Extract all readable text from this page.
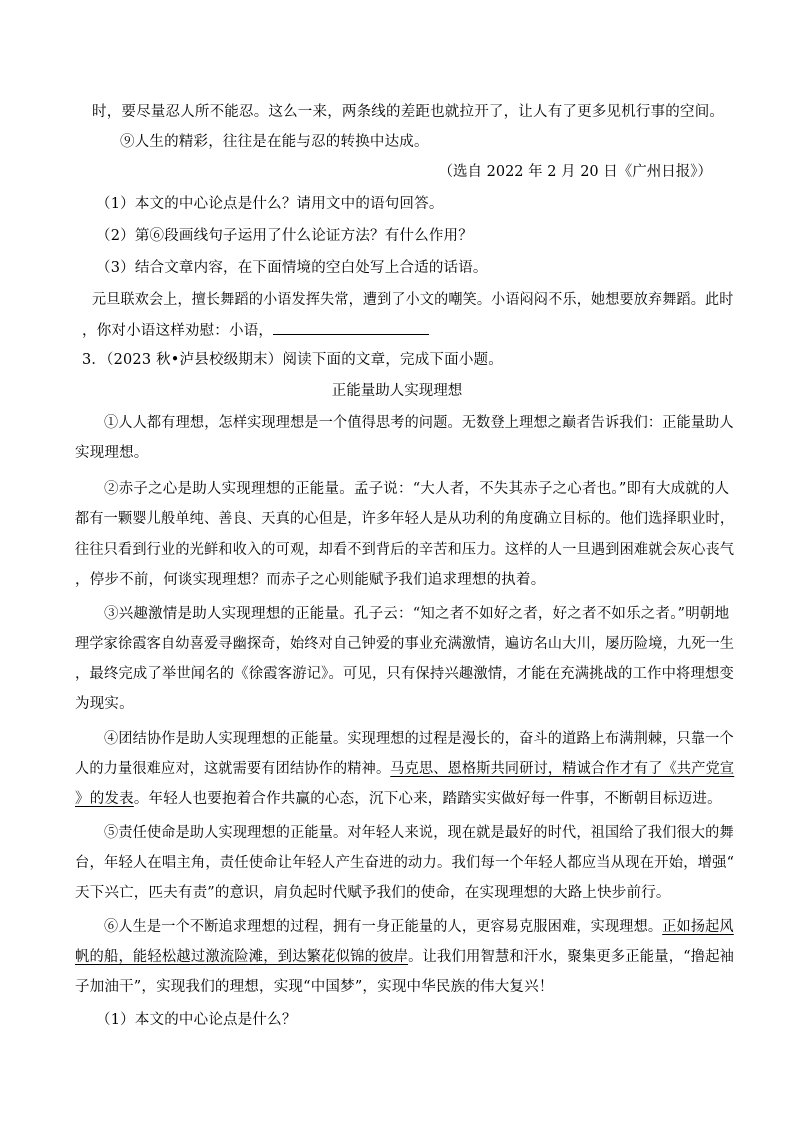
时，要尽量忍人所不能忍。这么一来，两条线的差距也就拉开了，让人有了更多见机行事的空间。
⑨人生的精彩，往往是在能与忍的转换中达成。
（选自 2022 年 2 月 20 日《广州日报》）
（1）本文的中心论点是什么？请用文中的语句回答。
（2）第⑥段画线句子运用了什么论证方法？有什么作用？
（3）结合文章内容，在下面情境的空白处写上合适的话语。
元旦联欢会上，擅长舞蹈的小语发挥失常，遭到了小文的嘲笑。小语闷闷不乐，她想要放弃舞蹈。此时
，你对小语这样劝慰：小语，
3．（2023 秋•泸县校级期末）阅读下面的文章，完成下面小题。
正能量助人实现理想
①人人都有理想，怎样实现理想是一个值得思考的问题。无数登上理想之巅者告诉我们：正能量助人
实现理想。
②赤子之心是助人实现理想的正能量。孟子说：“大人者，不失其赤子之心者也。”即有大成就的人
都有一颗婴儿般单纯、善良、天真的心但是，许多年轻人是从功利的角度确立目标的。他们选择职业时，
往往只看到行业的光鲜和收入的可观，却看不到背后的辛苦和压力。这样的人一旦遇到困难就会灰心丧气
，停步不前，何谈实现理想？而赤子之心则能赋予我们追求理想的执着。
③兴趣激情是助人实现理想的正能量。孔子云：“知之者不如好之者，好之者不如乐之者。”明朝地
理学家徐霞客自幼喜爱寻幽探奇，始终对自己钟爱的事业充满激情，遍访名山大川，屡历险境，九死一生
，最终完成了举世闻名的《徐霞客游记》。可见，只有保持兴趣激情，才能在充满挑战的工作中将理想变
为现实。
④团结协作是助人实现理想的正能量。实现理想的过程是漫长的，奋斗的道路上布满荆棘，只靠一个
人的力量很难应对，这就需要有团结协作的精神。马克思、恩格斯共同研讨，精诚合作才有了《共产党宣
》的发表。年轻人也要抱着合作共赢的心态，沉下心来，踏踏实实做好每一件事，不断朝目标迈进。
⑤责任使命是助人实现理想的正能量。对年轻人来说，现在就是最好的时代，祖国给了我们很大的舞
台，年轻人在唱主角，责任使命让年轻人产生奋进的动力。我们每一个年轻人都应当从现在开始，增强“
天下兴亡，匹夫有责”的意识，肩负起时代赋予我们的使命，在实现理想的大路上快步前行。
⑥人生是一个不断追求理想的过程，拥有一身正能量的人，更容易克服困难，实现理想。正如扬起风
帆的船，能轻松越过激流险滩，到达繁花似锦的彼岸。让我们用智慧和汗水，聚集更多正能量，“撸起袖
子加油干”，实现我们的理想，实现“中国梦”，实现中华民族的伟大复兴！
（1）本文的中心论点是什么？
